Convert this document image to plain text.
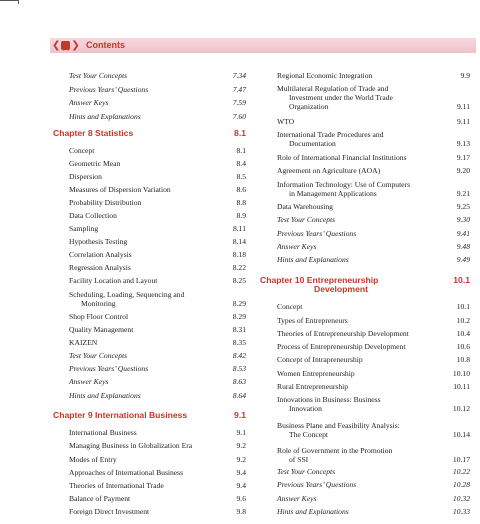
❮ × ❯ Contents
Test Your Concepts	7.34
Previous Years’ Questions	7.47
Answer Keys	7.59
Hints and Explanations	7.60
Chapter 8 Statistics	8.1
Concept	8.1
Geometric Mean	8.4
Dispersion	8.5
Measures of Dispersion Variation	8.6
Probability Distribution	8.8
Data Collection	8.9
Sampling	8.11
Hypothesis Testing	8.14
Correlation Analysis	8.18
Regression Analysis	8.22
Facility Location and Layout	8.25
Scheduling, Loading, Sequencing and
Monitoring	8.29
Shop Floor Control	8.29
Quality Management	8.31
KAIZEN	8.35
Test Your Concepts	8.42
Previous Years’ Questions	8.53
Answer Keys	8.63
Hints and Explanations	8.64
Chapter 9 International Business	9.1
International Business	9.1
Managing Business in Globalization Era	9.2
Modes of Entry	9.2
Approaches of International Business	9.4
Theories of International Trade	9.4
Balance of Payment	9.6
Foreign Direct Investment	9.8
Regional Economic Integration	9.9
Multilateral Regulation of Trade and
Investment under the World Trade
Organization	9.11
WTO	9.11
International Trade Procedures and
Documentation	9.13
Role of International Financial Institutions	9.17
Agreement on Agriculture (AOA)	9.20
Information Technology: Use of Computers
in Management Applications	9.21
Data Warehousing	9.25
Test Your Concepts	9.30
Previous Years’ Questions	9.41
Answer Keys	9.48
Hints and Explanations	9.49
Chapter 10 Entrepreneurship
Development
10.1
Concept	10.1
Types of Entrepreneurs	10.2
Theories of Entrepreneurship Development	10.4
Process of Entrepreneurship Development	10.6
Concept of Intrapreneurship	10.8
Women Entrepreneurship	10.10
Rural Entrepreneurship	10.11
Innovations in Business: Business
Innovation	10.12
Business Plane and Feasibility Analysis:
The Concept	10.14
Role of Government in the Promotion
of SSI	10.17
Test Your Concepts	10.22
Previous Years’ Questions	10.28
Answer Keys	10.32
Hints and Explanations	10.33
